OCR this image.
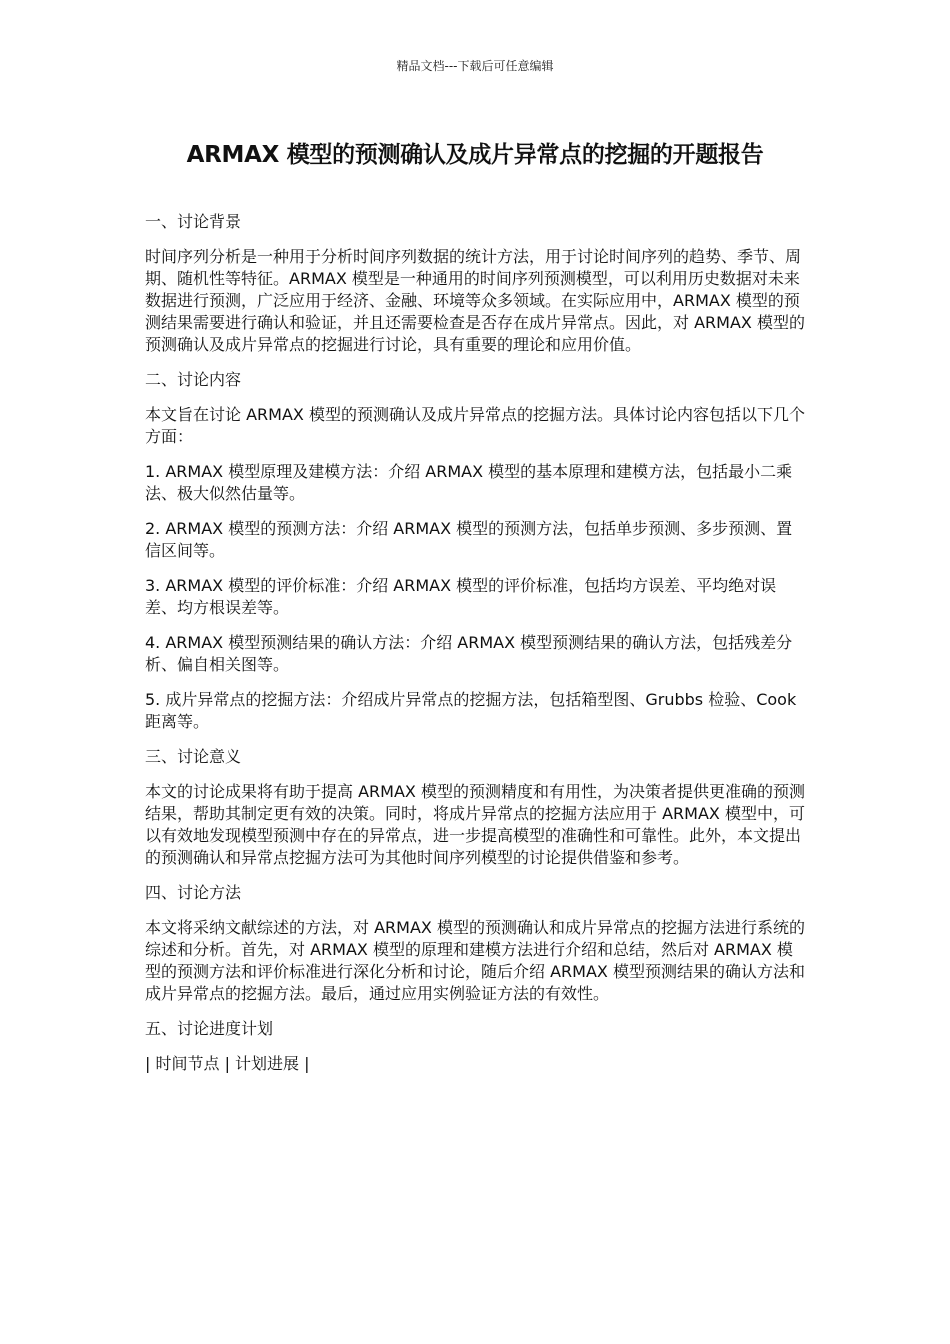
精品文档---下载后可任意编辑
ARMAX 模型的预测确认及成片异常点的挖掘的开题报告
一、讨论背景

时间序列分析是一种用于分析时间序列数据的统计方法，用于讨论时间序列的趋势、季节、周期、随机性等特征。ARMAX 模型是一种通用的时间序列预测模型，可以利用历史数据对未来数据进行预测，广泛应用于经济、金融、环境等众多领域。在实际应用中，ARMAX 模型的预测结果需要进行确认和验证，并且还需要检查是否存在成片异常点。因此，对 ARMAX 模型的预测确认及成片异常点的挖掘进行讨论，具有重要的理论和应用价值。

二、讨论内容

本文旨在讨论 ARMAX 模型的预测确认及成片异常点的挖掘方法。具体讨论内容包括以下几个方面：

1. ARMAX 模型原理及建模方法：介绍 ARMAX 模型的基本原理和建模方法，包括最小二乘法、极大似然估量等。

2. ARMAX 模型的预测方法：介绍 ARMAX 模型的预测方法，包括单步预测、多步预测、置信区间等。

3. ARMAX 模型的评价标准：介绍 ARMAX 模型的评价标准，包括均方误差、平均绝对误差、均方根误差等。

4. ARMAX 模型预测结果的确认方法：介绍 ARMAX 模型预测结果的确认方法，包括残差分析、偏自相关图等。

5. 成片异常点的挖掘方法：介绍成片异常点的挖掘方法，包括箱型图、Grubbs 检验、Cook 距离等。

三、讨论意义

本文的讨论成果将有助于提高 ARMAX 模型的预测精度和有用性，为决策者提供更准确的预测结果，帮助其制定更有效的决策。同时，将成片异常点的挖掘方法应用于 ARMAX 模型中，可以有效地发现模型预测中存在的异常点，进一步提高模型的准确性和可靠性。此外，本文提出的预测确认和异常点挖掘方法可为其他时间序列模型的讨论提供借鉴和参考。

四、讨论方法

本文将采纳文献综述的方法，对 ARMAX 模型的预测确认和成片异常点的挖掘方法进行系统的综述和分析。首先，对 ARMAX 模型的原理和建模方法进行介绍和总结，然后对 ARMAX 模型的预测方法和评价标准进行深化分析和讨论，随后介绍 ARMAX 模型预测结果的确认方法和成片异常点的挖掘方法。最后，通过应用实例验证方法的有效性。

五、讨论进度计划

| 时间节点 | 计划进展 |
